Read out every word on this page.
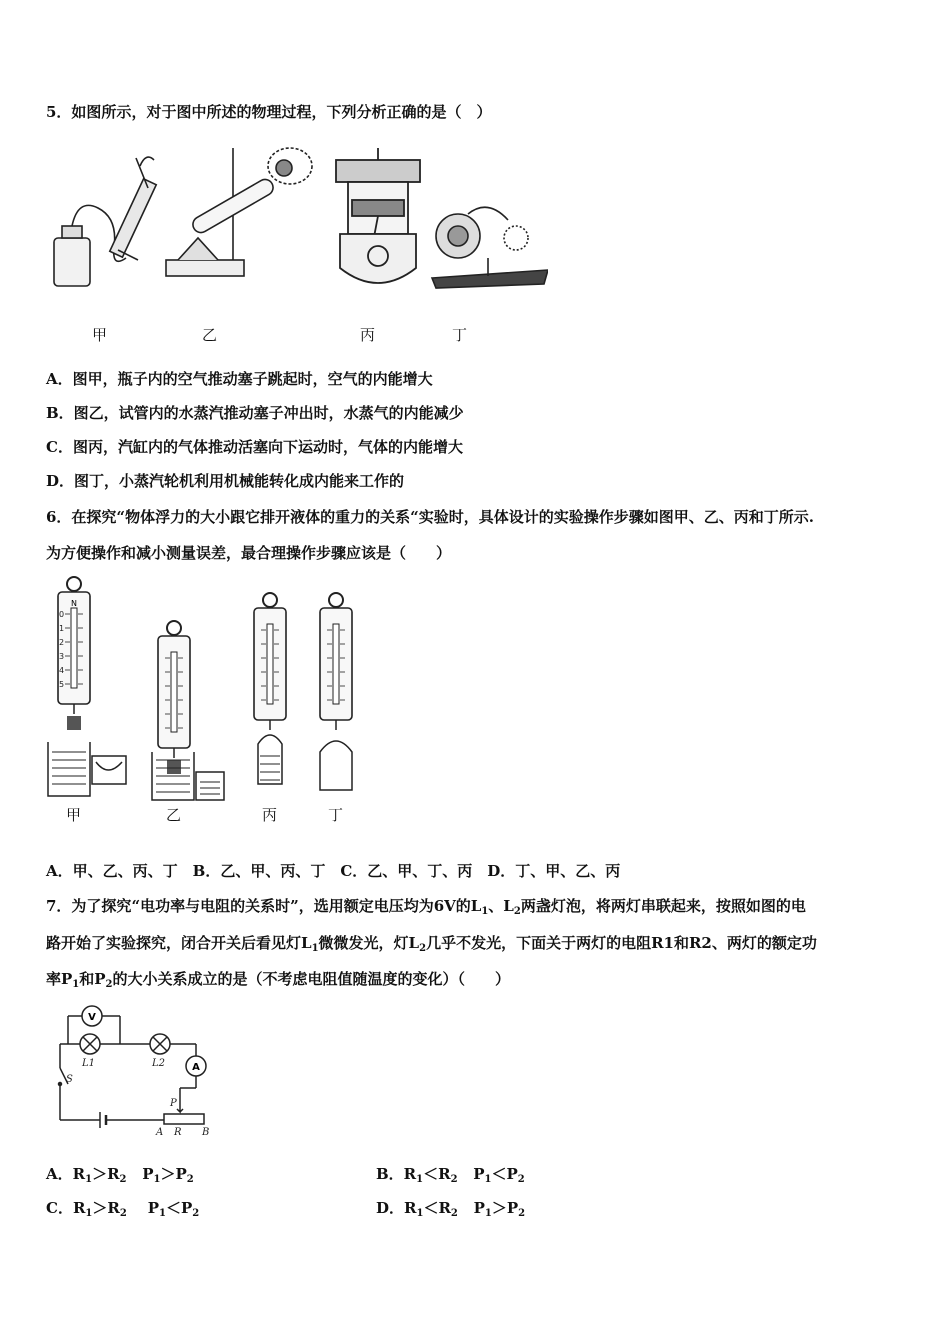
5．如图所示，对于图中所述的物理过程，下列分析正确的是（　）
甲	乙	丙	丁
A．图甲，瓶子内的空气推动塞子跳起时，空气的内能增大
B．图乙，试管内的水蒸汽推动塞子冲出时，水蒸气的内能减少
C．图丙，汽缸内的气体推动活塞向下运动时，气体的内能增大
D．图丁，小蒸汽轮机利用机械能转化成内能来工作的
6．在探究“物体浮力的大小跟它排开液体的重力的关系“实验时，具体设计的实验操作步骤如图甲、乙、丙和丁所示.
为方便操作和减小测量误差，最合理操作步骤应该是（　　）
N
0
1
2
3
4
5
甲	乙	丙	丁
A．甲、乙、丙、丁　B．乙、甲、丙、丁　C．乙、甲、丁、丙　D．丁、甲、乙、丙
7．为了探究“电功率与电阻的关系时”，选用额定电压均为6V的$L_1$、$L_2$两盏灯泡，将两灯串联起来，按照如图的电
路开始了实验探究，闭合开关后看见灯$L_1$微微发光，灯$L_2$几乎不发光，下面关于两灯的电阻R1和R2、两灯的额定功
率$P_1$和$P_2$的大小关系成立的是（不考虑电阻值随温度的变化）（　　）
V
A
L1	L2
S
P
A R B
A．$R_1>R_2$ $P_1>P_2$	B．$R_1<R_2$ $P_1<P_2$
C．$R_1>R_2$ $P_1<P_2$	D．$R_1<R_2$ $P_1>P_2$
